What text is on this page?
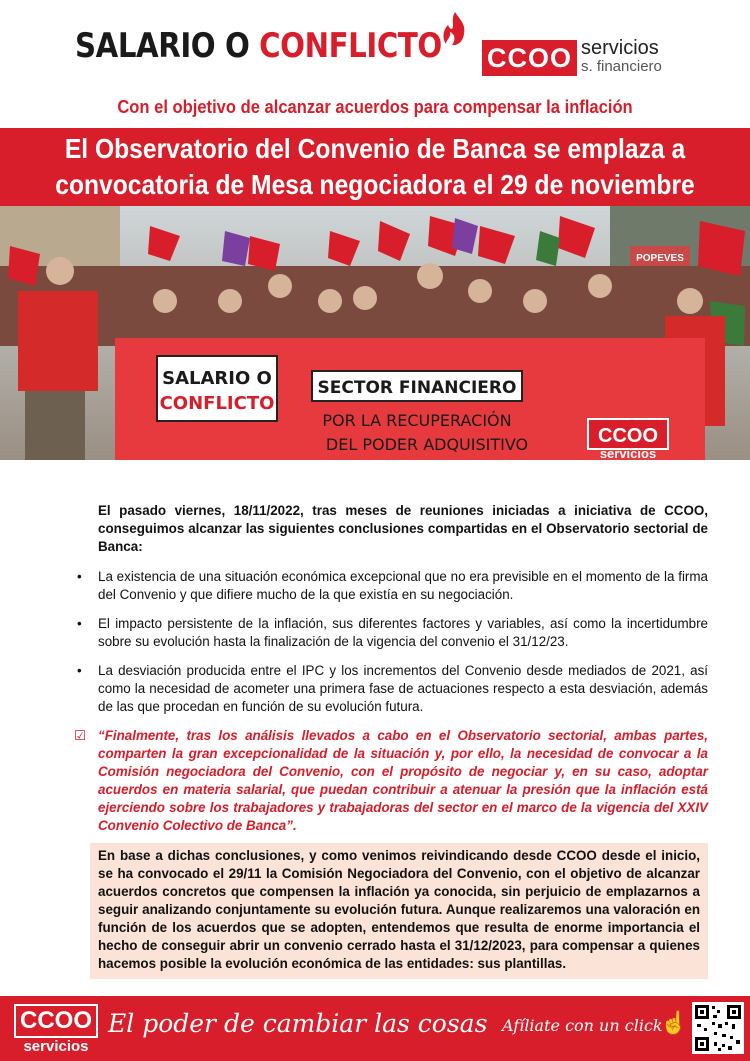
SALARIO O CONFLICTO CCOO servicios
s. financiero
Con el objetivo de alcanzar acuerdos para compensar la inflación
El Observatorio del Convenio de Banca se emplaza a
convocatoria de Mesa negociadora el 29 de noviembre
POPEVES
SALARIO O
CONFLICTO
SECTOR FINANCIERO
POR LA RECUPERACIÓN
DEL PODER ADQUISITIVO	CCOO
servicios

El pasado viernes, 18/11/2022, tras meses de reuniones iniciadas a iniciativa de CCOO, conseguimos alcanzar las siguientes conclusiones compartidas en el Observatorio sectorial de Banca:

• La existencia de una situación económica excepcional que no era previsible en el momento de la firma del Convenio y que difiere mucho de la que existía en su negociación.
• El impacto persistente de la inflación, sus diferentes factores y variables, así como la incertidumbre sobre su evolución hasta la finalización de la vigencia del convenio el 31/12/23.
• La desviación producida entre el IPC y los incrementos del Convenio desde mediados de 2021, así como la necesidad de acometer una primera fase de actuaciones respecto a esta desviación, además de las que procedan en función de su evolución futura.
☑ “Finalmente, tras los análisis llevados a cabo en el Observatorio sectorial, ambas partes, comparten la gran excepcionalidad de la situación y, por ello, la necesidad de convocar a la Comisión negociadora del Convenio, con el propósito de negociar y, en su caso, adoptar acuerdos en materia salarial, que puedan contribuir a atenuar la presión que la inflación está ejerciendo sobre los trabajadores y trabajadoras del sector en el marco de la vigencia del XXIV Convenio Colectivo de Banca”.
En base a dichas conclusiones, y como venimos reivindicando desde CCOO desde el inicio, se ha convocado el 29/11 la Comisión Negociadora del Convenio, con el objetivo de alcanzar acuerdos concretos que compensen la inflación ya conocida, sin perjuicio de emplazarnos a seguir analizando conjuntamente su evolución futura. Aunque realizaremos una valoración en función de los acuerdos que se adopten, entendemos que resulta de enorme importancia el hecho de conseguir abrir un convenio cerrado hasta el 31/12/2023, para compensar a quienes hacemos posible la evolución económica de las entidades: sus plantillas.
CCOO
servicios
El poder de cambiar las cosas Afíliate con un click
☝
